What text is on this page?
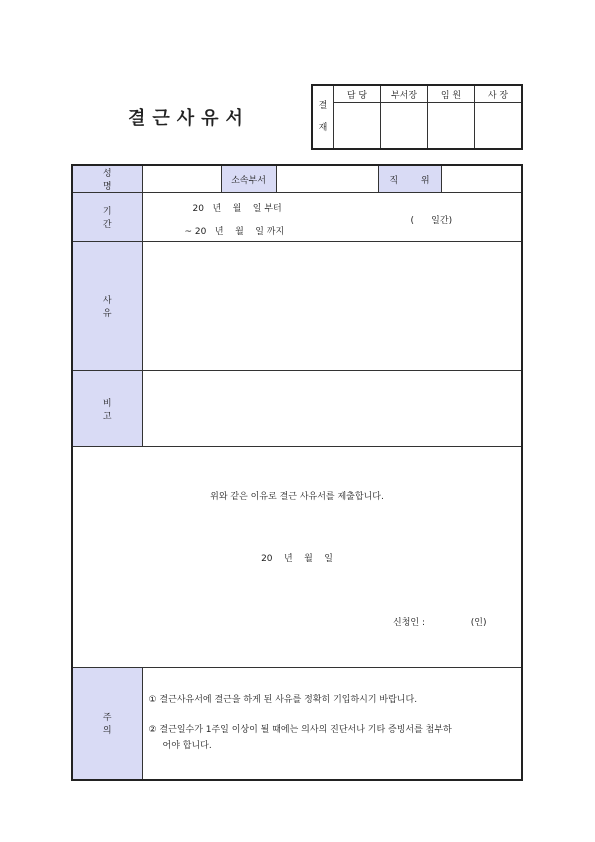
결근사유서
결
재	담 당	부서장	임 원	사 장

성 명		소속부서		직 위	
기 간	20   년    월    일 부터
~ 20   년    월    일 까지
(      일간)				

사 유					
비 고					

위와 같은 이유로 결근 사유서를 제출합니다.
20    년    월    일
신청인 :                (인)					

주 의	① 결근사유서에 결근을 하게 된 사유를 정확히 기입하시기 바랍니다.
② 결근일수가 1주일 이상이 될 때에는 의사의 진단서나 기타 증빙서를 첨부하
어야 합니다.				
